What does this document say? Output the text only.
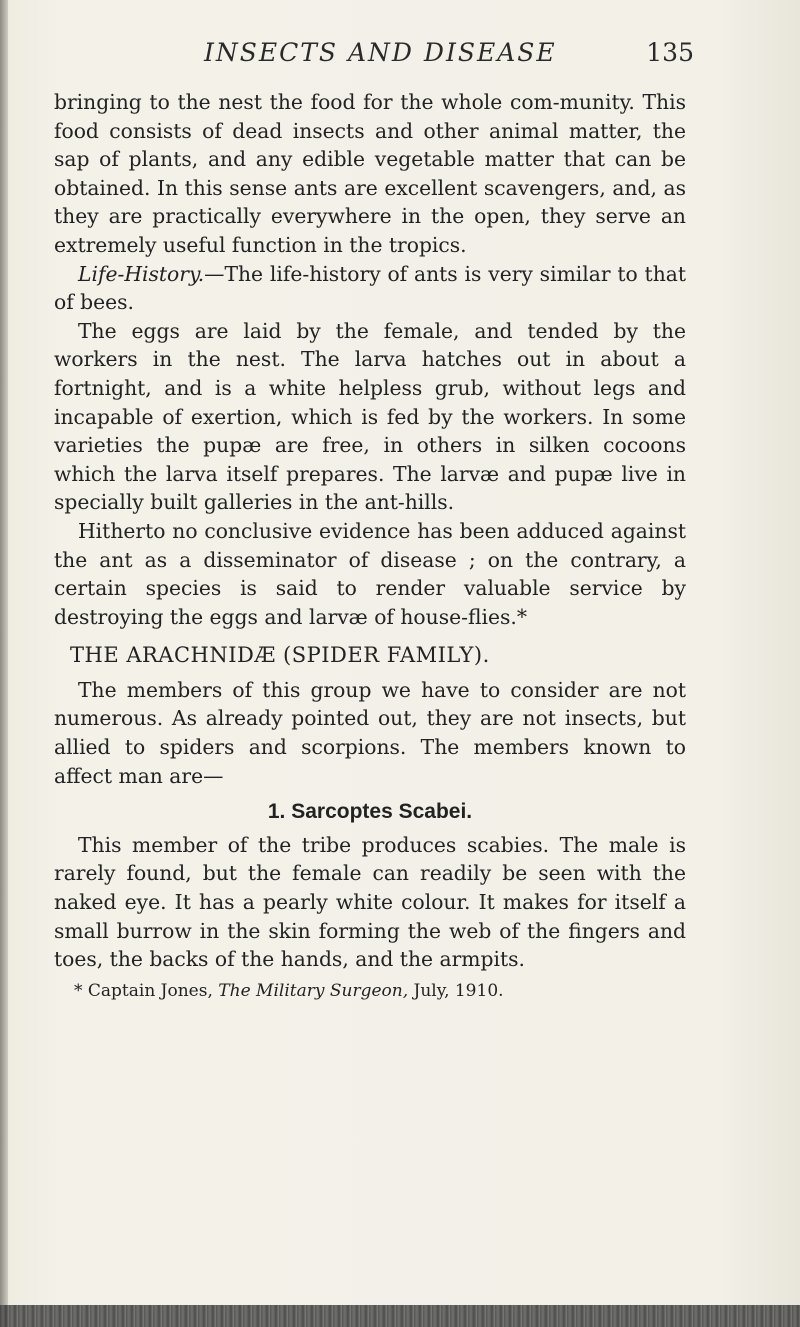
INSECTS AND DISEASE	135

bringing to the nest the food for the whole com-munity. This food consists of dead insects and other animal matter, the sap of plants, and any edible vegetable matter that can be obtained. In this sense ants are excellent scavengers, and, as they are practically everywhere in the open, they serve an extremely useful function in the tropics.

Life-History.—The life-history of ants is very similar to that of bees.

The eggs are laid by the female, and tended by the workers in the nest. The larva hatches out in about a fortnight, and is a white helpless grub, without legs and incapable of exertion, which is fed by the workers. In some varieties the pupæ are free, in others in silken cocoons which the larva itself prepares. The larvæ and pupæ live in specially built galleries in the ant-hills.

Hitherto no conclusive evidence has been adduced against the ant as a disseminator of disease ; on the contrary, a certain species is said to render valuable service by destroying the eggs and larvæ of house-flies.*

THE ARACHNIDÆ (SPIDER FAMILY).

The members of this group we have to consider are not numerous. As already pointed out, they are not insects, but allied to spiders and scorpions. The members known to affect man are—

1. Sarcoptes Scabei.

This member of the tribe produces scabies. The male is rarely found, but the female can readily be seen with the naked eye. It has a pearly white colour. It makes for itself a small burrow in the skin forming the web of the fingers and toes, the backs of the hands, and the armpits.

* Captain Jones, The Military Surgeon, July, 1910.
